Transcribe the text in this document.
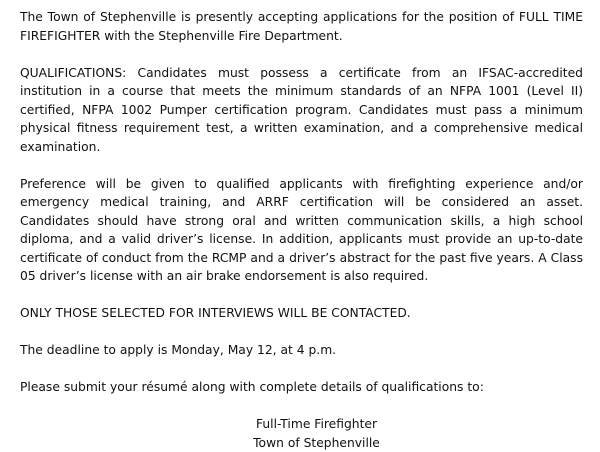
The Town of Stephenville is presently accepting applications for the position of FULL TIME FIREFIGHTER with the Stephenville Fire Department.

QUALIFICATIONS: Candidates must possess a certificate from an IFSAC-accredited institution in a course that meets the minimum standards of an NFPA 1001 (Level II) certified, NFPA 1002 Pumper certification program. Candidates must pass a minimum physical fitness requirement test, a written examination, and a comprehensive medical examination.

Preference will be given to qualified applicants with firefighting experience and/or emergency medical training, and ARRF certification will be considered an asset. Candidates should have strong oral and written communication skills, a high school diploma, and a valid driver’s license. In addition, applicants must provide an up-to-date certificate of conduct from the RCMP and a driver’s abstract for the past five years. A Class 05 driver’s license with an air brake endorsement is also required.

ONLY THOSE SELECTED FOR INTERVIEWS WILL BE CONTACTED.

The deadline to apply is Monday, May 12, at 4 p.m.

Please submit your résumé along with complete details of qualifications to:

Full-Time Firefighter
Town of Stephenville
